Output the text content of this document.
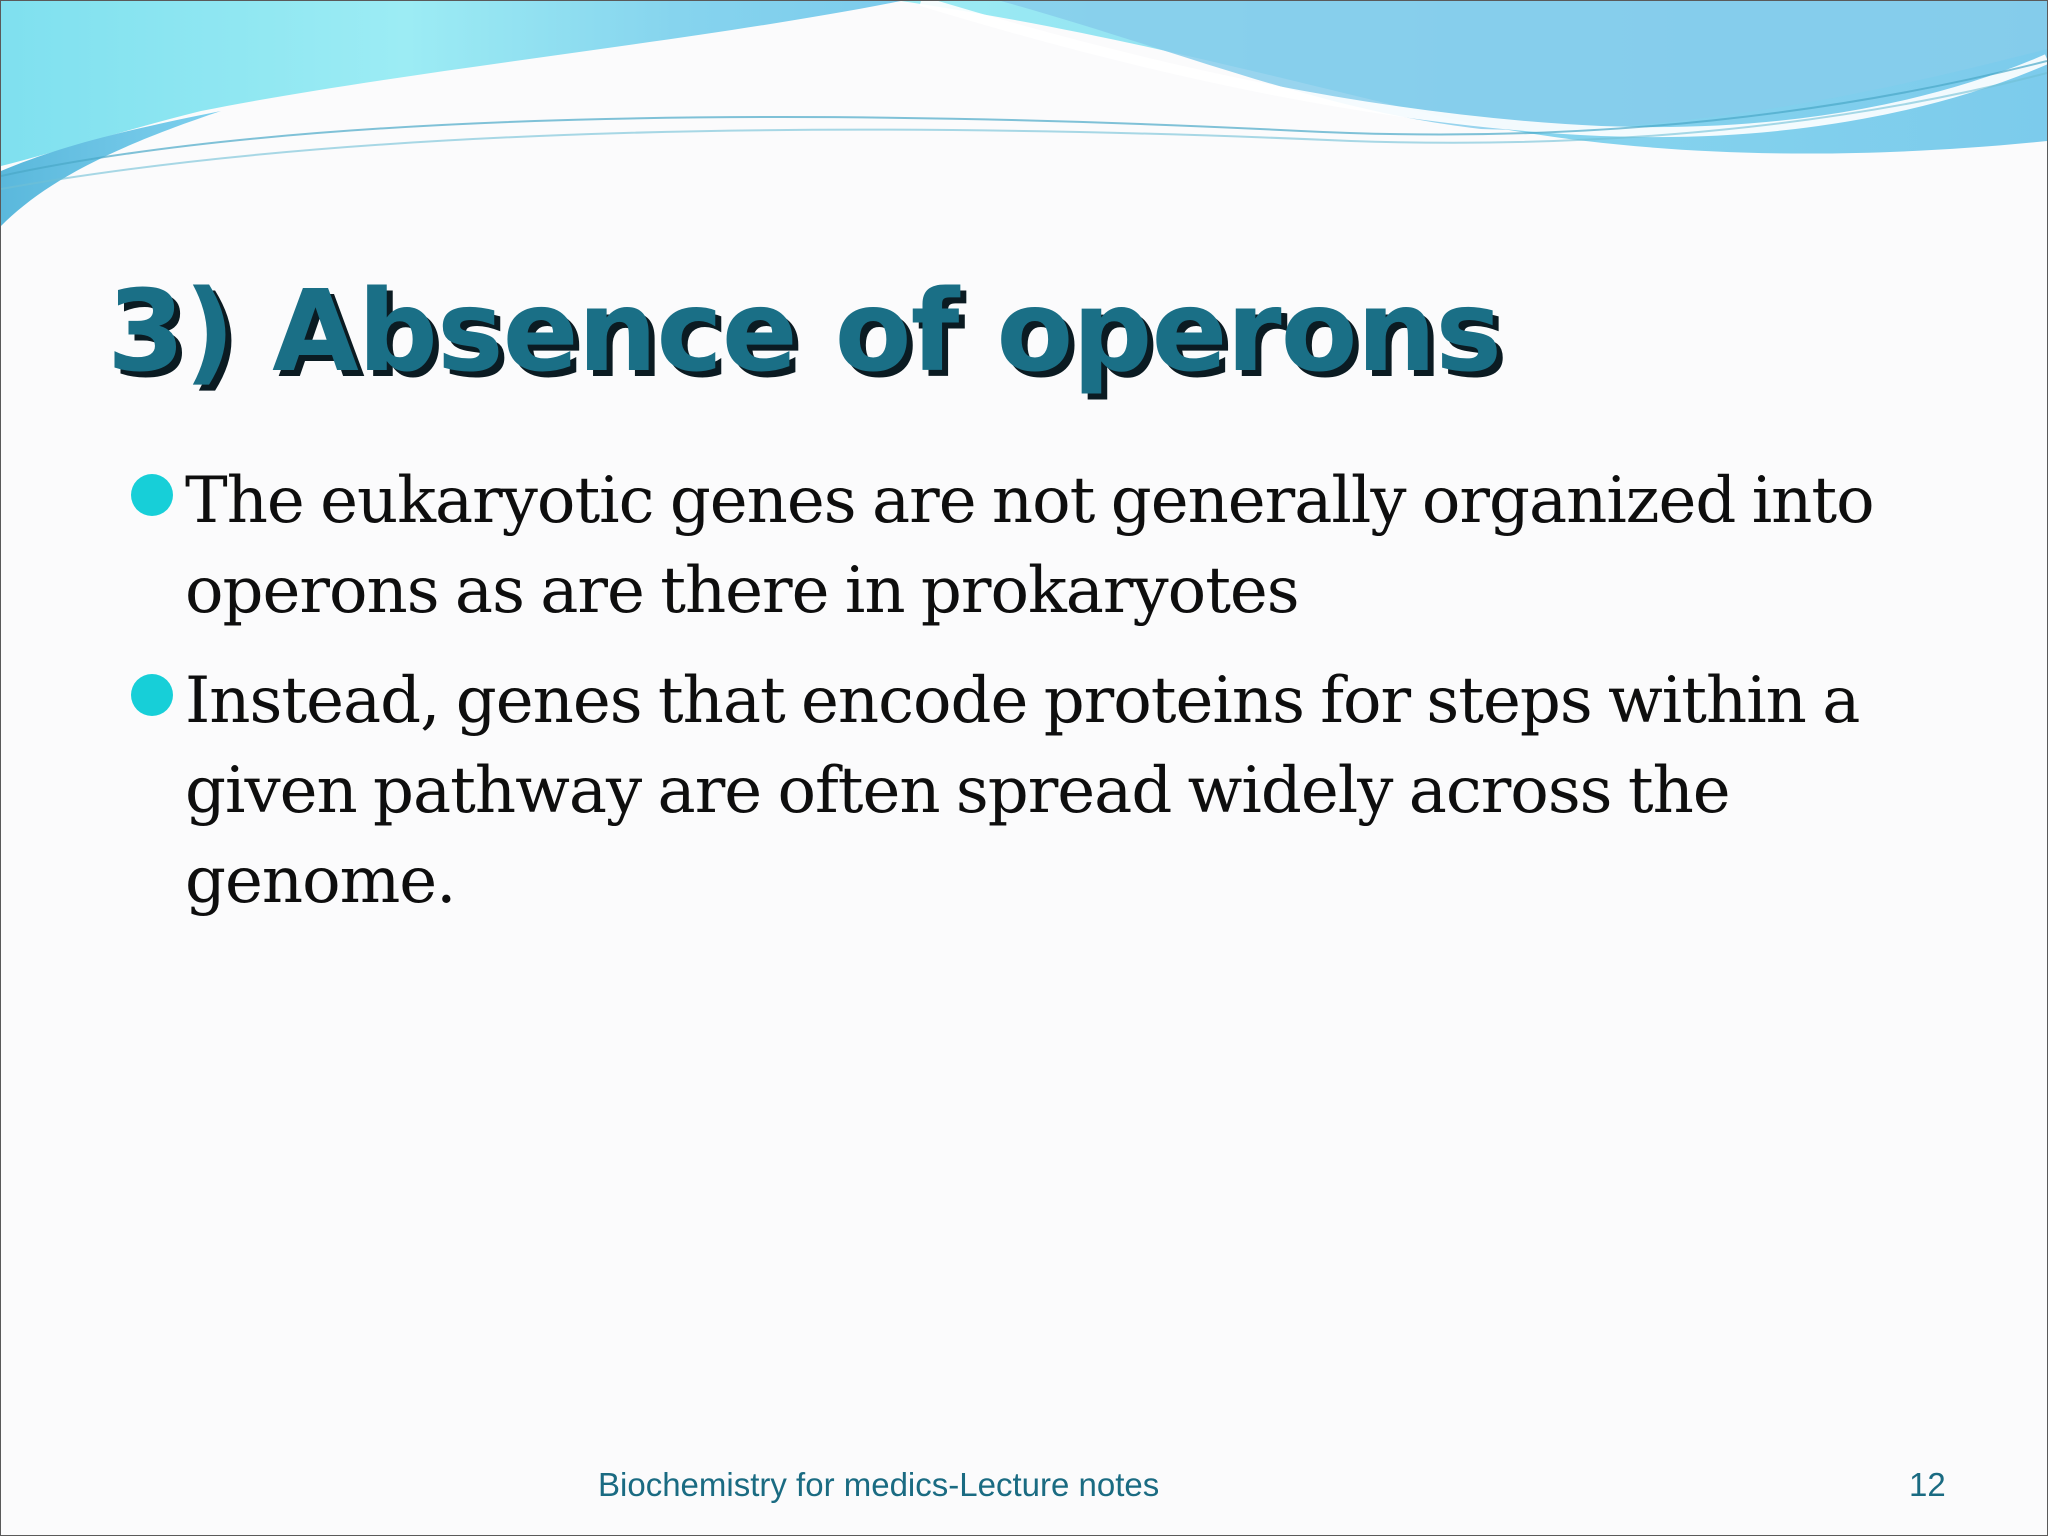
3) Absence of operons
The eukaryotic genes are not generally organized into operons as are there in prokaryotes
Instead, genes that encode proteins for steps within a given pathway are often spread widely across the genome.
Biochemistry for medics-Lecture notes	12
